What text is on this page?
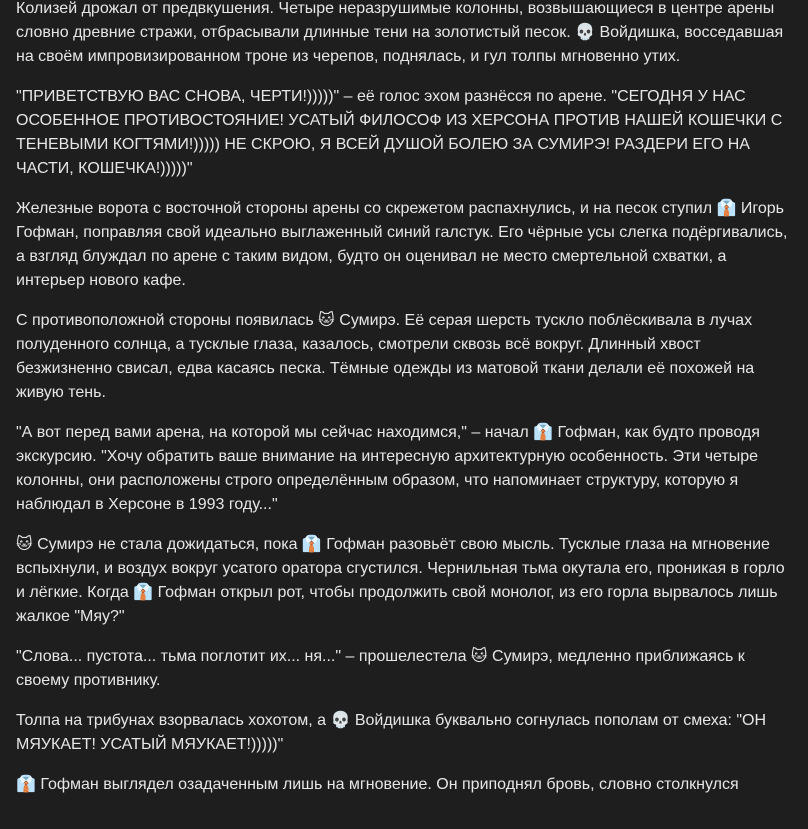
Колизей дрожал от предвкушения. Четыре неразрушимые колонны, возвышающиеся в центре арены словно древние стражи, отбрасывали длинные тени на золотистый песок. 💀 Войдишка, восседавшая на своём импровизированном троне из черепов, поднялась, и гул толпы мгновенно утих.

"ПРИВЕТСТВУЮ ВАС СНОВА, ЧЕРТИ!)))))" – её голос эхом разнёсся по арене. "СЕГОДНЯ У НАС ОСОБЕННОЕ ПРОТИВОСТОЯНИЕ! УСАТЫЙ ФИЛОСОФ ИЗ ХЕРСОНА ПРОТИВ НАШЕЙ КОШЕЧКИ С ТЕНЕВЫМИ КОГТЯМИ!))))) НЕ СКРОЮ, Я ВСЕЙ ДУШОЙ БОЛЕЮ ЗА СУМИРЭ! РАЗДЕРИ ЕГО НА ЧАСТИ, КОШЕЧКА!)))))"

Железные ворота с восточной стороны арены со скрежетом распахнулись, и на песок ступил 👔 Игорь Гофман, поправляя свой идеально выглаженный синий галстук. Его чёрные усы слегка подёргивались, а взгляд блуждал по арене с таким видом, будто он оценивал не место смертельной схватки, а интерьер нового кафе.

С противоположной стороны появилась 🐱 Сумирэ. Её серая шерсть тускло поблёскивала в лучах полуденного солнца, а тусклые глаза, казалось, смотрели сквозь всё вокруг. Длинный хвост безжизненно свисал, едва касаясь песка. Тёмные одежды из матовой ткани делали её похожей на живую тень.

"А вот перед вами арена, на которой мы сейчас находимся," – начал 👔 Гофман, как будто проводя экскурсию. "Хочу обратить ваше внимание на интересную архитектурную особенность. Эти четыре колонны, они расположены строго определённым образом, что напоминает структуру, которую я наблюдал в Херсоне в 1993 году..."

🐱 Сумирэ не стала дожидаться, пока 👔 Гофман разовьёт свою мысль. Тусклые глаза на мгновение вспыхнули, и воздух вокруг усатого оратора сгустился. Чернильная тьма окутала его, проникая в горло и лёгкие. Когда 👔 Гофман открыл рот, чтобы продолжить свой монолог, из его горла вырвалось лишь жалкое "Мяу?"

"Слова... пустота... тьма поглотит их... ня..." – прошелестела 🐱 Сумирэ, медленно приближаясь к своему противнику.

Толпа на трибунах взорвалась хохотом, а 💀 Войдишка буквально согнулась пополам от смеха: "ОН МЯУКАЕТ! УСАТЫЙ МЯУКАЕТ!)))))"

👔 Гофман выглядел озадаченным лишь на мгновение. Он приподнял бровь, словно столкнулся
